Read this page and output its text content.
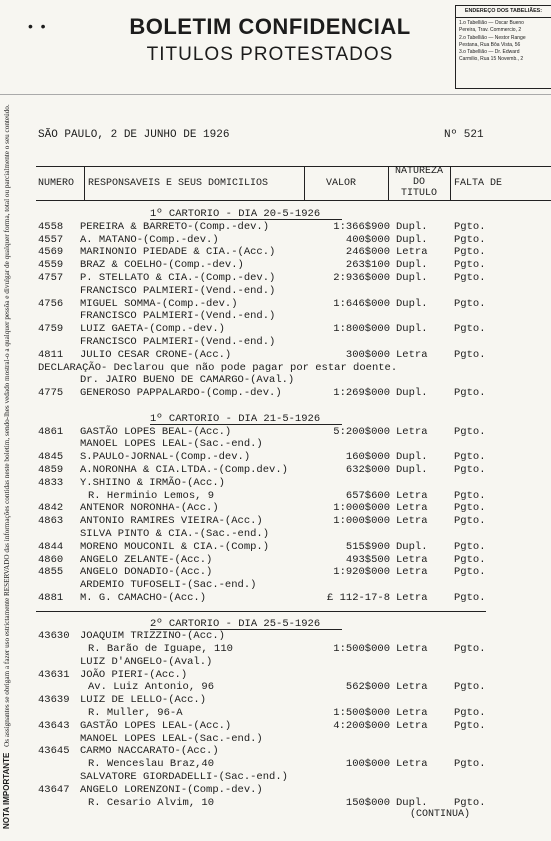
•  •	BOLETIM CONFIDENCIAL
TITULOS PROTESTADOS
ENDEREÇO DOS TABELIÃES:
1.o Tabellião — Oscar Bueno
Pereira, Trav. Commercio, 2
2.o Tabellião — Nestor Range
Pestana, Rua Bôa Vista, 56
3.o Tabellião — Dr. Edward
Carmilio, Rua 15 Novemb., 2
NOTA IMPORTANTE Os assignantes se obrigam a fazer uso estrictamente RESERVADO das informações contidas neste boletim, sendo-lhes vedado mostral-o a qualquer pessôa e divulgar de qualquer forma, total ou parcialmente o seu conteúdo.	SÃO PAULO, 2 DE JUNHO DE 1926	Nº 521
NUMERO RESPONSAVEIS E SEUS DOMICILIOS	VALOR
NATUREZA
DO
TITULO
FALTA DE
1º CARTORIO - DIA 20-5-1926
4558 PEREIRA & BARRETO-(Comp.-dev.)	1:366$900 Dupl.	Pgto.
4557 A. MATANO-(Comp.-dev.)	400$000 Dupl.	Pgto.
4569 MARINONIO PIEDADE & CIA.-(Acc.)	246$000 Letra	Pgto.
4559 BRAZ & COELHO-(Comp.-dev.)	263$100 Dupl.	Pgto.
4757 P. STELLATO & CIA.-(Comp.-dev.)	2:936$000 Dupl.	Pgto.
FRANCISCO PALMIERI-(Vend.-end.)
4756 MIGUEL SOMMA-(Comp.-dev.)	1:646$000 Dupl.	Pgto.
FRANCISCO PALMIERI-(Vend.-end.)
4759 LUIZ GAETA-(Comp.-dev.)	1:800$000 Dupl.	Pgto.
FRANCISCO PALMIERI-(Vend.-end.)
4811 JULIO CESAR CRONE-(Acc.)	300$000 Letra	Pgto.
DECLARAÇÃO- Declarou que não pode pagar por estar doente.
Dr. JAIRO BUENO DE CAMARGO-(Aval.)
4775 GENEROSO PAPPALARDO-(Comp.-dev.)	1:269$000 Dupl.	Pgto.
1º CARTORIO - DIA 21-5-1926
4861 GASTÃO LOPES BEAL-(Acc.)	5:200$000 Letra	Pgto.
MANOEL LOPES LEAL-(Sac.-end.)
4845 S.PAULO-JORNAL-(Comp.-dev.)	160$000 Dupl.	Pgto.
4859 A.NORONHA & CIA.LTDA.-(Comp.dev.)	632$000 Dupl.	Pgto.
4833 Y.SHIINO & IRMÃO-(Acc.)
R. Herminio Lemos, 9	657$600 Letra	Pgto.
4842 ANTENOR NORONHA-(Acc.)	1:000$000 Letra	Pgto.
4863 ANTONIO RAMIRES VIEIRA-(Acc.)	1:000$000 Letra	Pgto.
SILVA PINTO & CIA.-(Sac.-end.)
4844 MORENO MOUCONIL & CIA.-(Comp.)	515$900 Dupl.	Pgto.
4860 ANGELO ZELANTE-(Acc.)	493$500 Letra	Pgto.
4855 ANGELO DONADIO-(Acc.)	1:920$000 Letra	Pgto.
ARDEMIO TUFOSELI-(Sac.-end.)
4881 M. G. CAMACHO-(Acc.)	£ 112-17-8 Letra	Pgto.
2º CARTORIO - DIA 25-5-1926
43630 JOAQUIM TRIZZINO-(Acc.)
R. Barão de Iguape, 110	1:500$000 Letra	Pgto.
LUIZ D'ANGELO-(Aval.)
43631 JOÃO PIERI-(Acc.)
Av. Luiz Antonio, 96	562$000 Letra	Pgto.
43639 LUIZ DE LELLO-(Acc.)
R. Muller, 96-A	1:500$000 Letra	Pgto.
43643 GASTÃO LOPES LEAL-(Acc.)	4:200$000 Letra	Pgto.
MANOEL LOPES LEAL-(Sac.-end.)
43645 CARMO NACCARATO-(Acc.)
R. Wenceslau Braz,40	100$000 Letra	Pgto.
SALVATORE GIORDADELLI-(Sac.-end.)
43647 ANGELO LORENZONI-(Comp.-dev.)
R. Cesario Alvim, 10	150$000 Dupl.	Pgto.
(CONTINUA)
